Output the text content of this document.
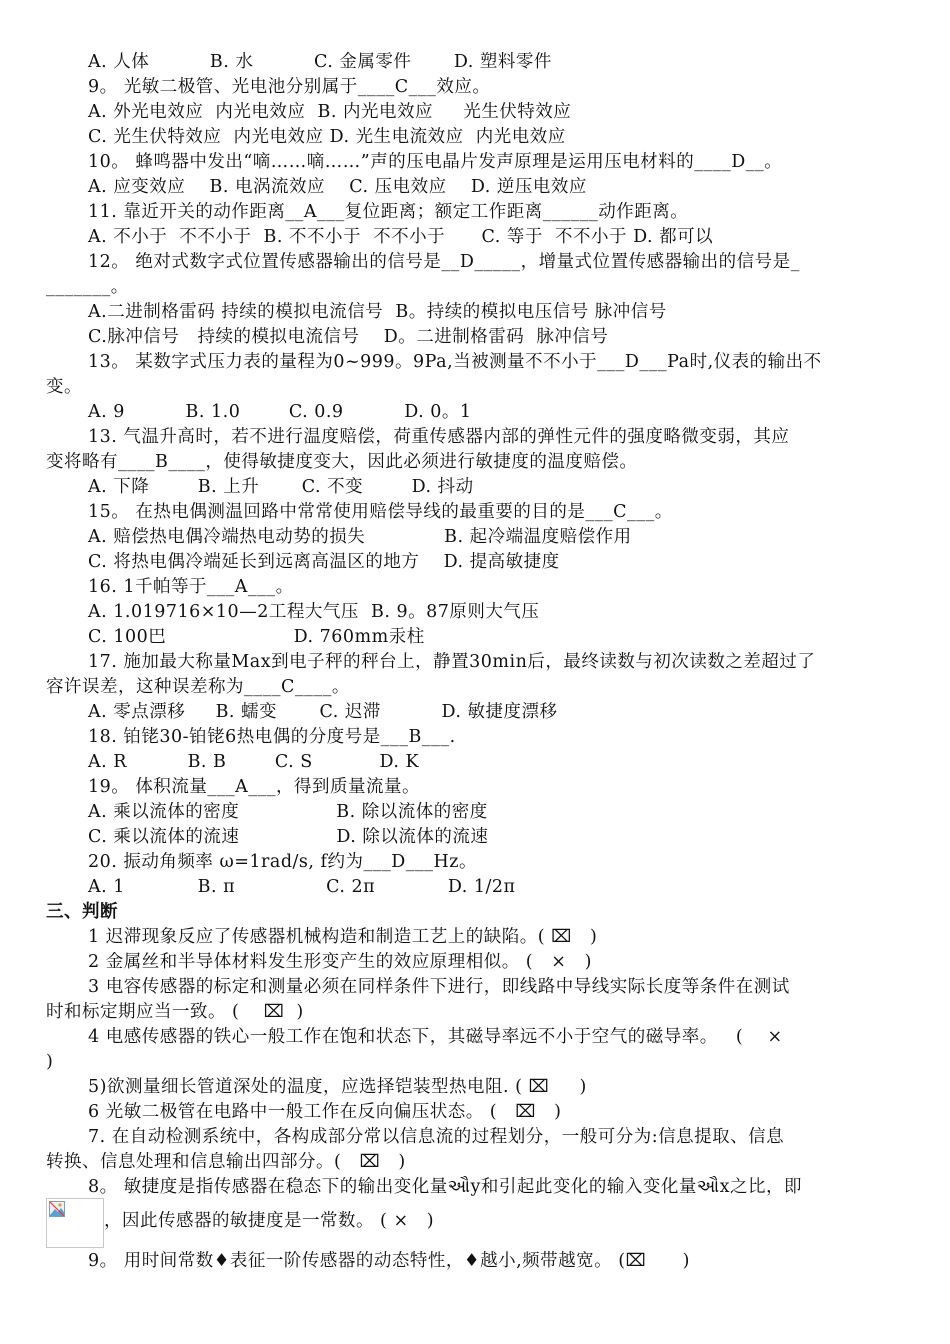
A. 人体          B. 水          C. 金属零件       D. 塑料零件
9。 光敏二极管、光电池分别属于____C___效应。
A. 外光电效应  内光电效应  B. 内光电效应     光生伏特效应
C. 光生伏特效应  内光电效应 D. 光生电流效应  内光电效应
10。 蜂鸣器中发出“嘀……嘀……”声的压电晶片发声原理是运用压电材料的____D__。
A. 应变效应    B. 电涡流效应    C. 压电效应    D. 逆压电效应
11. 靠近开关的动作距离__A___复位距离；额定工作距离______动作距离。
A. 不小于  不不小于  B. 不不小于  不不小于      C. 等于  不不小于 D. 都可以
12。 绝对式数字式位置传感器输出的信号是__D_____，增量式位置传感器输出的信号是_
_______。
A.二进制格雷码 持续的模拟电流信号  B。持续的模拟电压信号 脉冲信号
C.脉冲信号   持续的模拟电流信号    D。二进制格雷码  脉冲信号
13。 某数字式压力表的量程为0~999。9Pa,当被测量不不小于___D___Pa时,仪表的输出不
变。
A. 9          B. 1.0        C. 0.9          D. 0。1
13. 气温升高时，若不进行温度赔偿，荷重传感器内部的弹性元件的强度略微变弱，其应
变将略有____B____，使得敏捷度变大，因此必须进行敏捷度的温度赔偿。
A. 下降        B. 上升       C. 不变        D. 抖动
15。 在热电偶测温回路中常常使用赔偿导线的最重要的目的是___C___。
A. 赔偿热电偶冷端热电动势的损失             B. 起冷端温度赔偿作用
C. 将热电偶冷端延长到远离高温区的地方    D. 提高敏捷度
16. 1千帕等于___A___。
A. 1.019716×10—2工程大气压  B. 9。87原则大气压
C. 100巴                     D. 760mm汞柱
17. 施加最大称量Max到电子秤的秤台上，静置30min后，最终读数与初次读数之差超过了
容许误差，这种误差称为____C____。
A. 零点漂移     B. 蠕变       C. 迟滞          D. 敏捷度漂移
18. 铂铑30-铂铑6热电偶的分度号是___B___.
A. R          B. B        C. S           D. K
19。 体积流量___A___，得到质量流量。
A. 乘以流体的密度                B. 除以流体的密度
C. 乘以流体的流速                D. 除以流体的流速
20. 振动角频率 ω=1rad/s, f约为___D___Hz。
A. 1            B. π               C. 2π            D. 1/2π
三、判断
1 迟滞现象反应了传感器机械构造和制造工艺上的缺陷。( ⌧   )
2 金属丝和半导体材料发生形变产生的效应原理相似。 (   ×   )
3 电容传感器的标定和测量必须在同样条件下进行，即线路中导线实际长度等条件在测试
时和标定期应当一致。 (    ⌧  )
4 电感传感器的铁心一般工作在饱和状态下，其磁导率远不小于空气的磁导率。   (    ×
)
5)欲测量细长管道深处的温度，应选择铠装型热电阻. ( ⌧     )
6 光敏二极管在电路中一般工作在反向偏压状态。 (   ⌧   )
7. 在自动检测系统中，各构成部分常以信息流的过程划分，一般可分为:信息提取、信息
转换、信息处理和信息输出四部分。(   ⌧   )
8。 敏捷度是指传感器在稳态下的输出变化量ઔy和引起此变化的输入变化量ઔx之比，即
，因此传感器的敏捷度是一常数。 ( ×   )
9。 用时间常数♦表征一阶传感器的动态特性，♦越小,频带越宽。 (⌧      )
